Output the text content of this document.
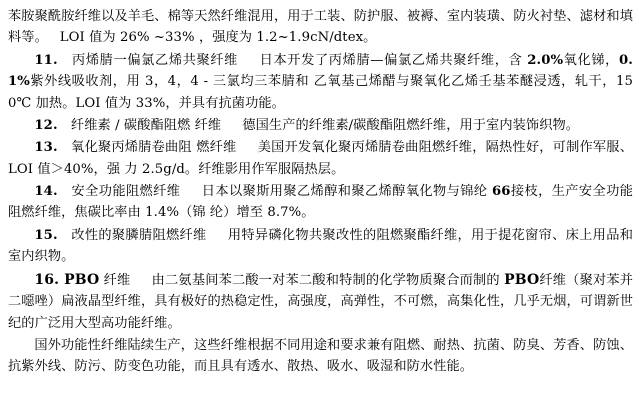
苯胺聚酰胺纤维以及羊毛、棉等天然纤维混用，用于工装、防护服、被褥、室内装璜、防火衬垫、滤材和填料等。 LOI 值为 26% ~33% ，强度为 1.2~1.9cN/dtex。

11.　丙烯腈一偏氯乙烯共聚纤维 日本开发了丙烯腈—偏氯乙烯共聚纤维，含 2.0%氧化锑，0.1%紫外线吸收剂，用 3，4，4 - 三氯均三苯腈和 乙氧基己烯醋与聚氧化乙烯壬基苯醚浸透，轧干，150℃ 加热。LOI 值为 33%，并具有抗菌功能。

12.　纤维素 / 碳酸酯阻燃 纤维 德国生产的纤维素/碳酸酯阻燃纤维，用于室内装饰织物。

13.　氧化聚丙烯腈卷曲阻 燃纤维 美国开发氧化聚丙烯腈卷曲阻燃纤维，隔热性好，可制作军服、LOI 值＞40%，强 力 2.5g/d。纤维影用作军服隔热层。

14.　安全功能阻燃纤维 日本以聚斯用聚乙烯醇和聚乙烯醇氧化物与锦纶 66接枝，生产安全功能阻燃纤维，焦碳比率由 1.4%（锦 纶）增至 8.7%。

15.　改性的聚膦腈阻燃纤维 用特异磷化物共聚改性的阻燃聚酯纤维，用于提花窗帘、床上用品和室内织物。

16. PBO 纤维 由二氨基间苯二酸一对苯二酸和特制的化学物质聚合而制的 PBO纤维（聚对苯并二噁唑）扁液晶型纤维，具有极好的热稳定性，高强度，高弹性，不可燃，高集化性，几乎无烟，可谓新世纪的广泛用大型高功能纤维。

国外功能性纤维陆续生产，这些纤维根据不同用途和要求兼有阻燃、耐热、抗菌、防臭、芳香、防蚀、抗紫外线、防污、防变色功能，而且具有透水、散热、吸水、吸湿和防水性能。
